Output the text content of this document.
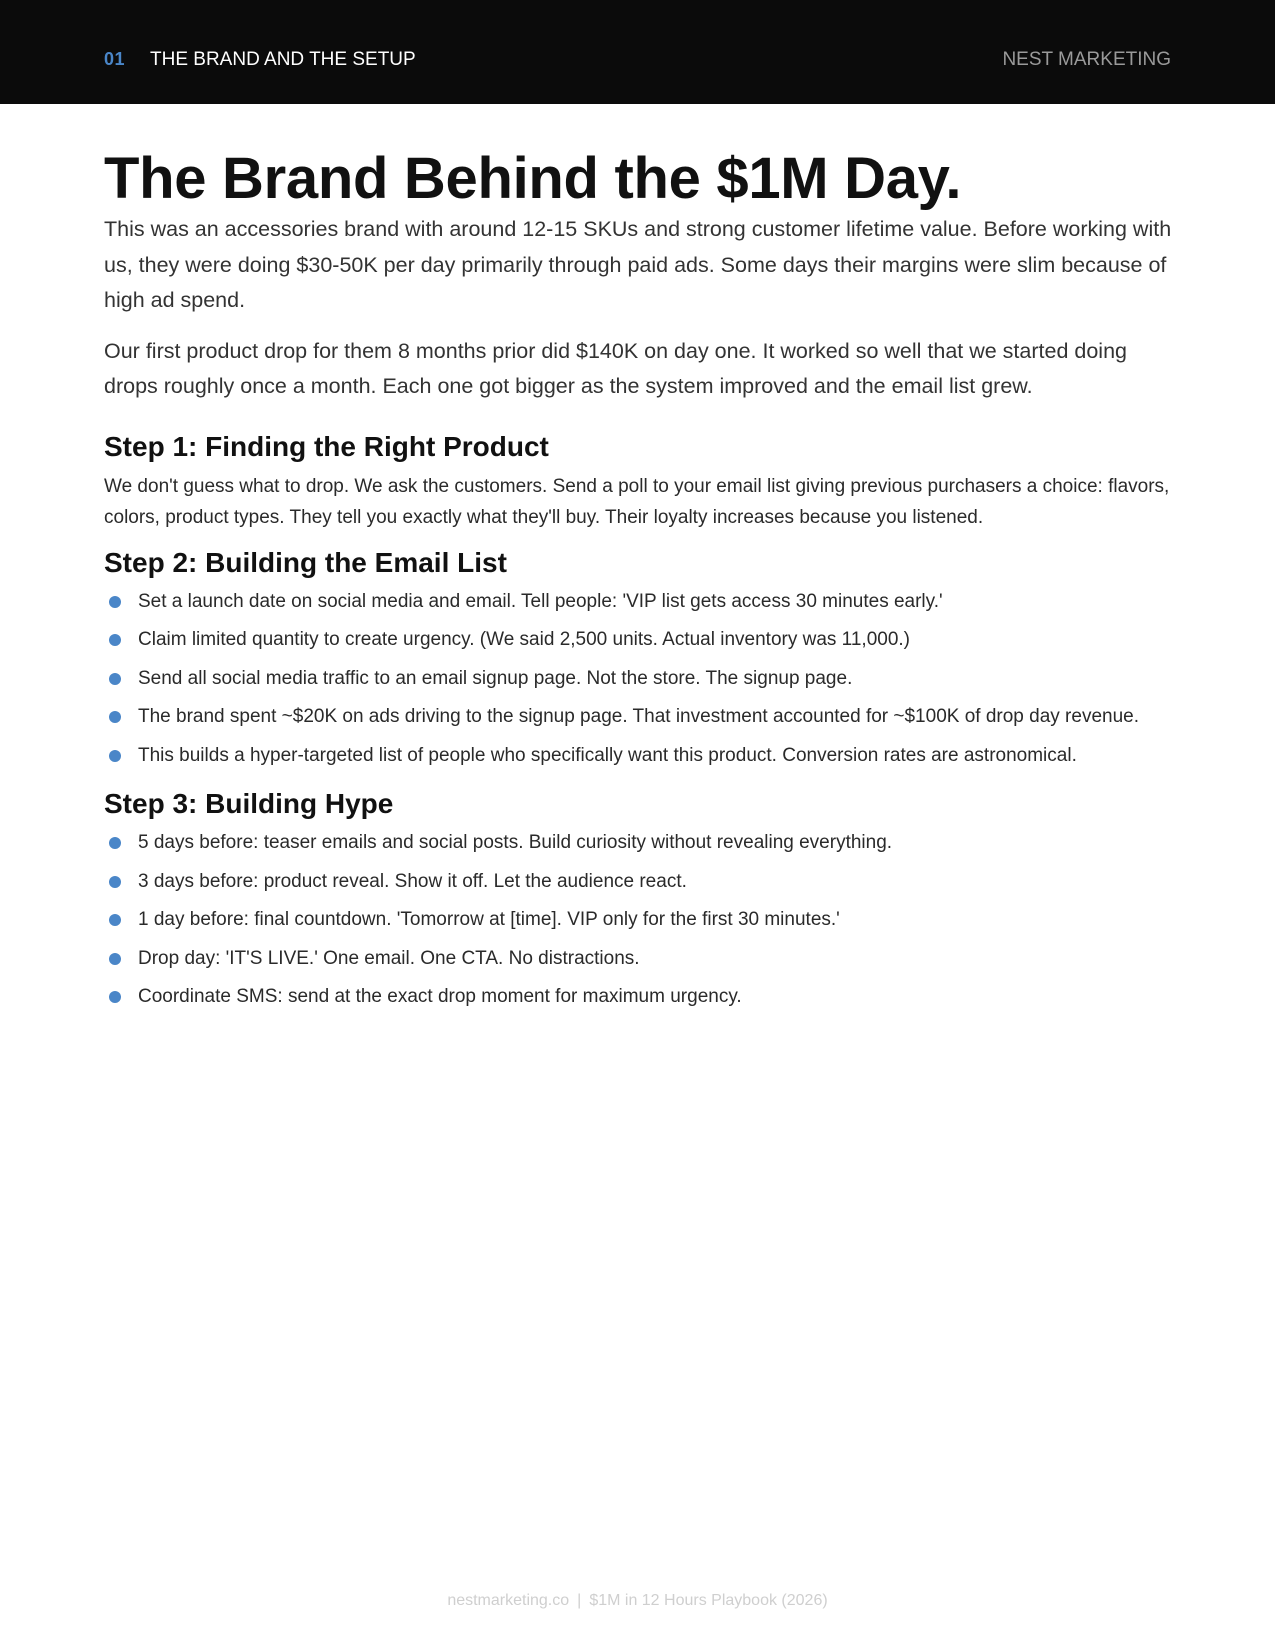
01 THE BRAND AND THE SETUP	NEST MARKETING
The Brand Behind the $1M Day.

This was an accessories brand with around 12-15 SKUs and strong customer lifetime value. Before working with us, they were doing $30-50K per day primarily through paid ads. Some days their margins were slim because of high ad spend.

Our first product drop for them 8 months prior did $140K on day one. It worked so well that we started doing drops roughly once a month. Each one got bigger as the system improved and the email list grew.

Step 1: Finding the Right Product

We don't guess what to drop. We ask the customers. Send a poll to your email list giving previous purchasers a choice: flavors, colors, product types. They tell you exactly what they'll buy. Their loyalty increases because you listened.

Step 2: Building the Email List
Set a launch date on social media and email. Tell people: 'VIP list gets access 30 minutes early.'
Claim limited quantity to create urgency. (We said 2,500 units. Actual inventory was 11,000.)
Send all social media traffic to an email signup page. Not the store. The signup page.
The brand spent ~$20K on ads driving to the signup page. That investment accounted for ~$100K of drop day revenue.
This builds a hyper-targeted list of people who specifically want this product. Conversion rates are astronomical.
Step 3: Building Hype
5 days before: teaser emails and social posts. Build curiosity without revealing everything.
3 days before: product reveal. Show it off. Let the audience react.
1 day before: final countdown. 'Tomorrow at [time]. VIP only for the first 30 minutes.'
Drop day: 'IT'S LIVE.' One email. One CTA. No distractions.
Coordinate SMS: send at the exact drop moment for maximum urgency.
nestmarketing.co | $1M in 12 Hours Playbook (2026)
